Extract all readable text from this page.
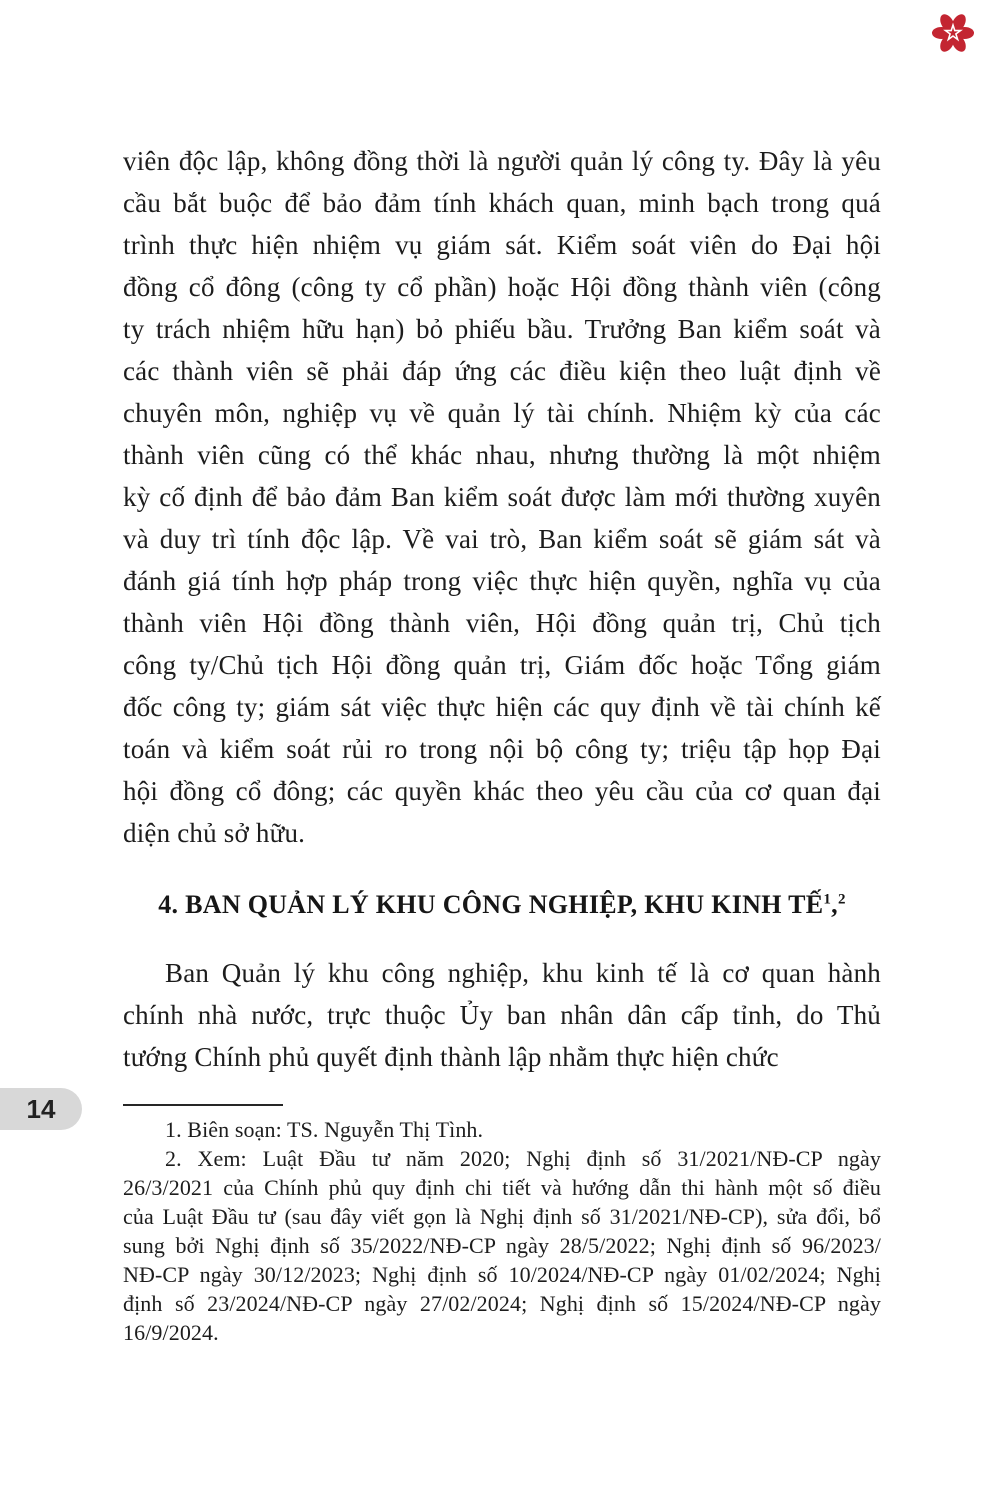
viên độc lập, không đồng thời là người quản lý công ty. Đây là yêu
cầu bắt buộc để bảo đảm tính khách quan, minh bạch trong quá
trình thực hiện nhiệm vụ giám sát. Kiểm soát viên do Đại hội
đồng cổ đông (công ty cổ phần) hoặc Hội đồng thành viên (công
ty trách nhiệm hữu hạn) bỏ phiếu bầu. Trưởng Ban kiểm soát và
các thành viên sẽ phải đáp ứng các điều kiện theo luật định về
chuyên môn, nghiệp vụ về quản lý tài chính. Nhiệm kỳ của các
thành viên cũng có thể khác nhau, nhưng thường là một nhiệm
kỳ cố định để bảo đảm Ban kiểm soát được làm mới thường xuyên
và duy trì tính độc lập. Về vai trò, Ban kiểm soát sẽ giám sát và
đánh giá tính hợp pháp trong việc thực hiện quyền, nghĩa vụ của
thành viên Hội đồng thành viên, Hội đồng quản trị, Chủ tịch
công ty/Chủ tịch Hội đồng quản trị, Giám đốc hoặc Tổng giám
đốc công ty; giám sát việc thực hiện các quy định về tài chính kế
toán và kiểm soát rủi ro trong nội bộ công ty; triệu tập họp Đại
hội đồng cổ đông; các quyền khác theo yêu cầu của cơ quan đại
diện chủ sở hữu.
4. BAN QUẢN LÝ KHU CÔNG NGHIỆP, KHU KINH TẾ$^1$,$^2$
Ban Quản lý khu công nghiệp, khu kinh tế là cơ quan hành
chính nhà nước, trực thuộc Ủy ban nhân dân cấp tỉnh, do Thủ
tướng Chính phủ quyết định thành lập nhằm thực hiện chức
1. Biên soạn: TS. Nguyễn Thị Tình.
2. Xem: Luật Đầu tư năm 2020; Nghị định số 31/2021/NĐ-CP ngày
26/3/2021 của Chính phủ quy định chi tiết và hướng dẫn thi hành một số điều
của Luật Đầu tư (sau đây viết gọn là Nghị định số 31/2021/NĐ-CP), sửa đổi, bổ
sung bởi Nghị định số 35/2022/NĐ-CP ngày 28/5/2022; Nghị định số 96/2023/
NĐ-CP ngày 30/12/2023; Nghị định số 10/2024/NĐ-CP ngày 01/02/2024; Nghị
định số 23/2024/NĐ-CP ngày 27/02/2024; Nghị định số 15/2024/NĐ-CP ngày
16/9/2024.
14
